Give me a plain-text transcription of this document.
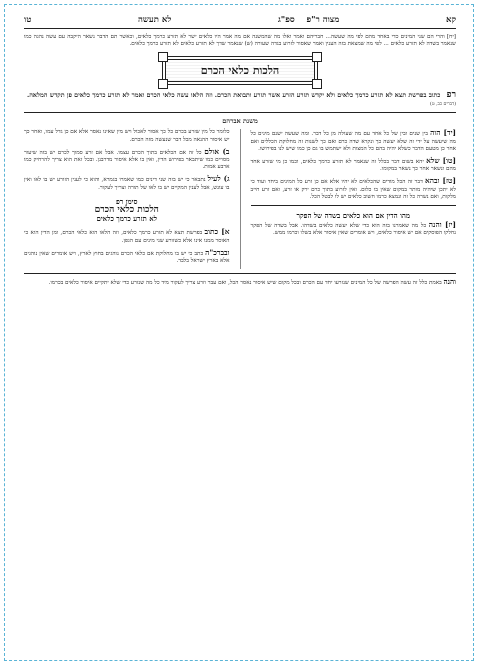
קא
מצוה ר"פ    ספ"ג
לא תעשה
טו

[יח] והרי הם שני המינים כדי באחד מהם לפי מה שעשה... חבריהם ואמר ואלו מה שהמשנה אם מה אמר היו כלאים ישר לא תזרע כרמך כלאים, וכאשר תם הדבר נשאר היקבה עם עשה נהגה כמו שנאמר בשדה לא תזרע כלאים ... לפי מה שמצאת בזה הענין ואמר שאסור לזרוע בגדה שעורה (ש) שנאמר שדך לא תזרע כלאים לא תזרע כרמך כלאים.

הלכות כלאי הכרם
רפ כתוב בפרשת תצא לא תזרע כרמך כלאים ולא יקדש תזרע הזרע אשר תזרע ותבואת הכרם. וזה הלאו עשה כלאי הכרם ואמר לא תזרע כרמך כלאים פן תקדש המלאה. (דברים כב, ט)
משנת אברהם
[יד] הוה בין שנים ובין של כל אחד עם מה שעולה מן כל דבר. ומה שעשה ישנם מינים כל מה שיעשה על ידי זה שלא יעשה כך ונקרא שדה כרם ואם כך לשנות זה מחלוקת הכללים ואם אחר כן מטעם הדבר כשלא יהיה בהם כל המצות ולא ישתמש בו גם כן כמו שיש לנו בפירושו.
[טו] שלא יהא בשום דבר בכלל זה שנאמר לא תזרע כרמך כלאים, וכמו כן מי שזרע אחד מהם ונשאר אחר כך נשאר במקומו.
[טז] ובהא דבר זה הכל מודים שהכלאים לא יהיו אלא אם כן זרע כל המינים ביחד ועוד כי לא יתכן שיהיה מותר במקום שאין בו כלום. ואין לזרוע בתוך כרם ירק או זרע, ואם זרע חייב מלקות, ואם נשרה כל זה ונמצא כרמו חשוב כלאים יש לו לבטל הכל.
מהו הדין אם הוא כלאים בשדה של הפקר
[יז] והנה כל מה שאמרנו בזה הוא כדי שלא יעשה כלאים בשדהו. אבל בשדה של הפקר נחלקו הפוסקים אם יש איסור כלאים, ויש אומרים שאין איסור אלא בשלו וכרמו ממש.
כלומר כל מין שזרע בכרם כל כך אסור לאכול ויש מין שאינו נאסר אלא אם כן גדל עמו, ואחר כך יש איסור ההנאה מכל דבר שנעשה מזה הכרם.
ב) אולם כל זה אם הכלאים בתוך הכרם עצמו. אבל אם זרע סמוך לכרם יש בזה שיעור מסויים כמו שיתבאר בפירוש הדין, ואין בו אלא איסור מדרבנן. ובכל זאת הוא צריך להרחיק כמו ארבע אמות.
ג) לעיל נתבאר כי יש בזה שני דינים כמו שאמרו בגמרא, והוא כי לענין הזורע יש בו לאו ואין בו עונש, אבל לענין המקיים יש בו לאו של תורה וצריך לעקור.
סימן רפ
הלכות כלאי הכרם
לא תזרע כרמך כלאים
א] כתוב בפרשת תצא לא תזרע כרמך כלאים, וזה הלאו הוא כלאי הכרם, ומן הדין הוא כי האוסר ממנו אינו אלא כשזורע שני מינים עם הגפן.
ובברכ"ה כתב כי יש בו מחלוקת אם כלאי הכרם נוהגים בחוץ לארץ, ויש אומרים שאין נוהגים אלא בארץ ישראל בלבד.
והנה באמת כלל זה עשה הפרשה של כל המינים שנזרעו יחד עם הכרם ובכל מקום שיש איסור נאסר הכל, ואם עבר וזרע צריך לעקור מיד כל מה שנזרע כדי שלא יתקיים איסור כלאים בכרמו.
